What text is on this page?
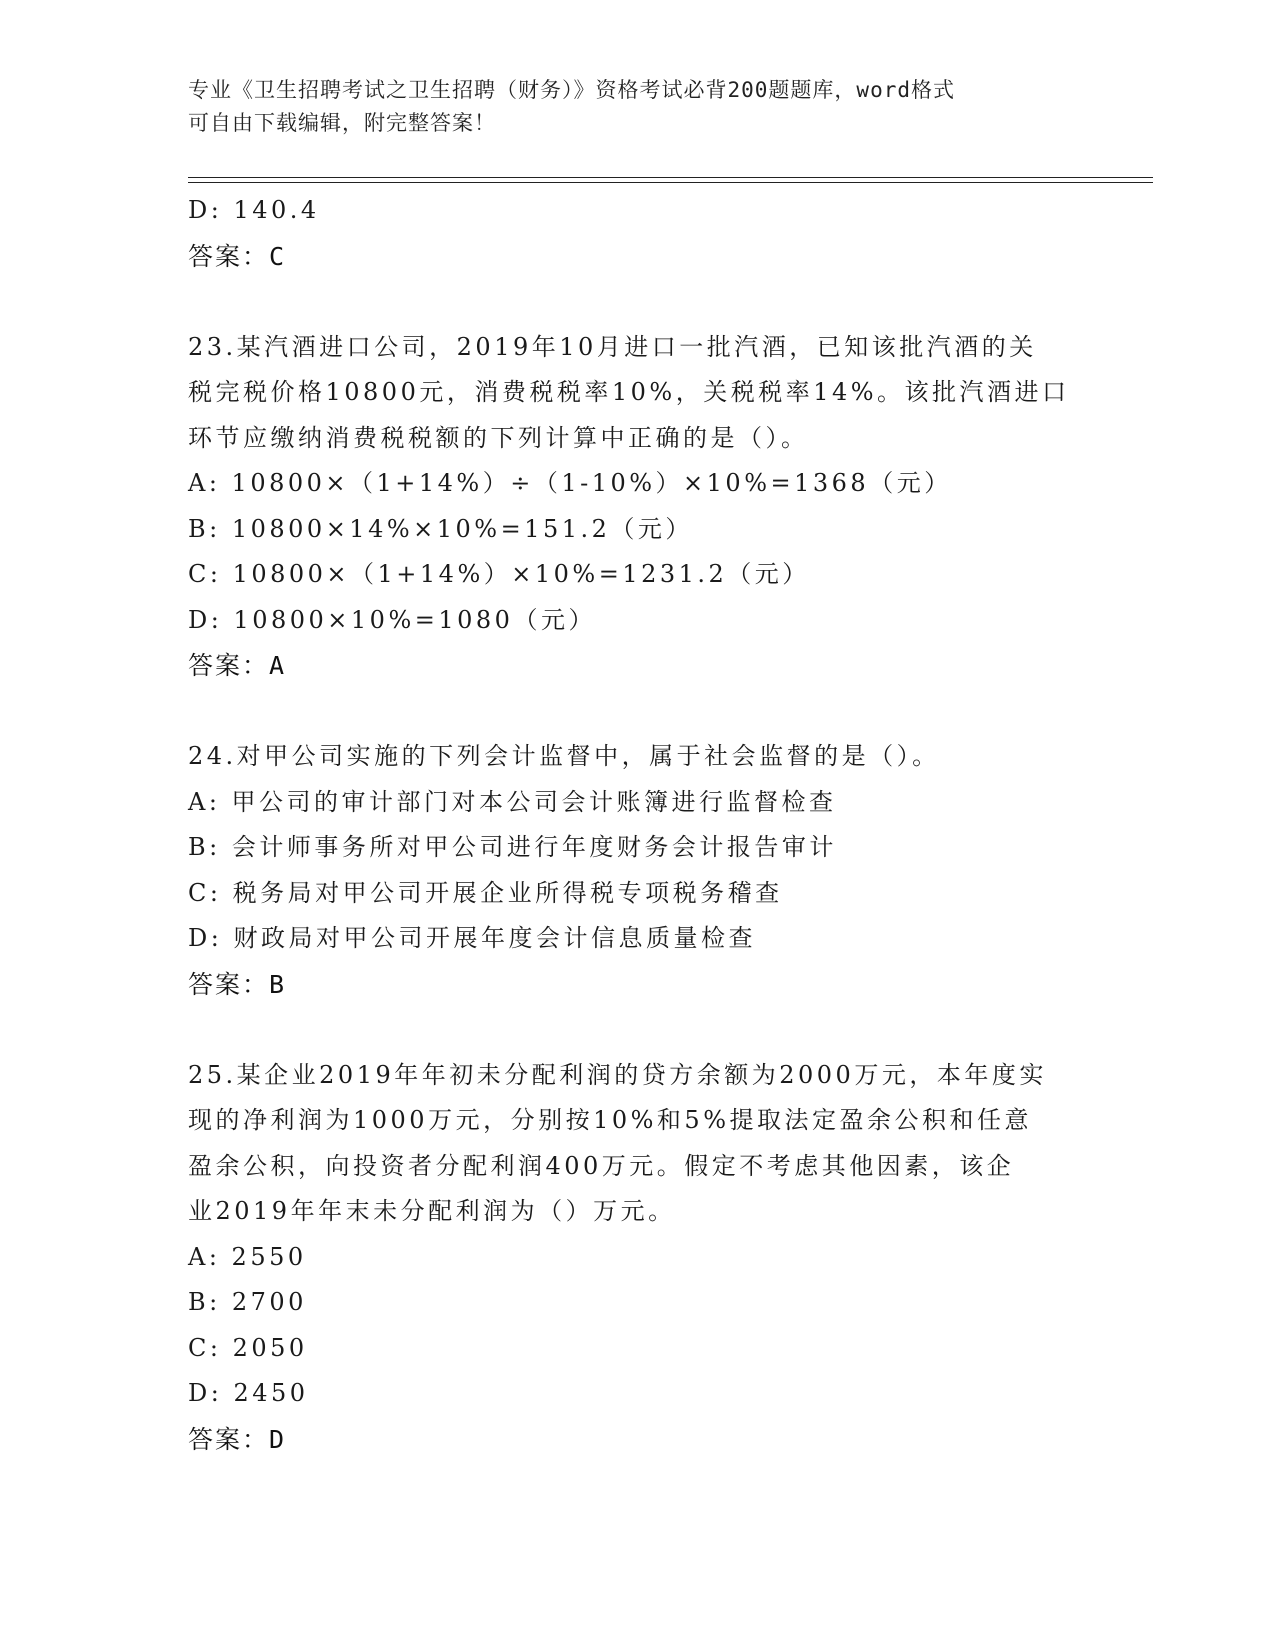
专业《卫生招聘考试之卫生招聘（财务）》资格考试必背200题题库，word格式
可自由下载编辑，附完整答案！
D: 140.4
答案：C
23.某汽酒进口公司，2019年10月进口一批汽酒，已知该批汽酒的关
税完税价格10800元，消费税税率10%，关税税率14%。该批汽酒进口
环节应缴纳消费税税额的下列计算中正确的是（）。
A: 10800×（1+14%）÷（1-10%）×10%=1368（元）
B: 10800×14%×10%=151.2（元）
C: 10800×（1+14%）×10%=1231.2（元）
D: 10800×10%=1080（元）
答案：A
24.对甲公司实施的下列会计监督中，属于社会监督的是（）。
A: 甲公司的审计部门对本公司会计账簿进行监督检查
B: 会计师事务所对甲公司进行年度财务会计报告审计
C: 税务局对甲公司开展企业所得税专项税务稽查
D: 财政局对甲公司开展年度会计信息质量检查
答案：B
25.某企业2019年年初未分配利润的贷方余额为2000万元，本年度实
现的净利润为1000万元，分别按10%和5%提取法定盈余公积和任意
盈余公积，向投资者分配利润400万元。假定不考虑其他因素，该企
业2019年年末未分配利润为（）万元。
A: 2550
B: 2700
C: 2050
D: 2450
答案：D
